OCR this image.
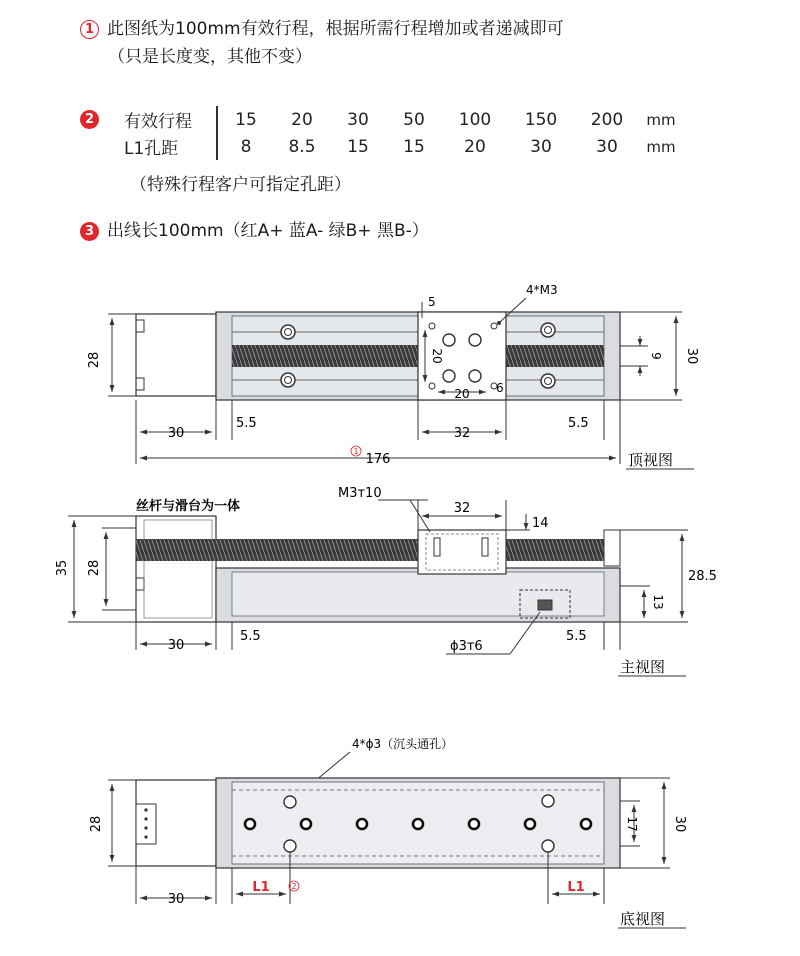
1 此图纸为100mm有效行程，根据所需行程增加或者递减即可
（只是长度变，其他不变）
2	有效行程	15	20	30	50	100	150	200	mm
L1孔距	8	8.5	15	15	20	30	30	mm
（特殊行程客户可指定孔距）
3 出线长100mm（红A+ 蓝A- 绿B+ 黑B-）
28
30
5.5
32
5.5
176
1
5
20
20 6
4*M3
9 30
顶视图
丝杆与滑台为一体
35 28
30
5.5
32
M3ᴛ10
14
28.5
13
5.5
ϕ3ᴛ6
主视图
4*ϕ3（沉头通孔）
28	17	30
30
L1	2	L1
底视图
